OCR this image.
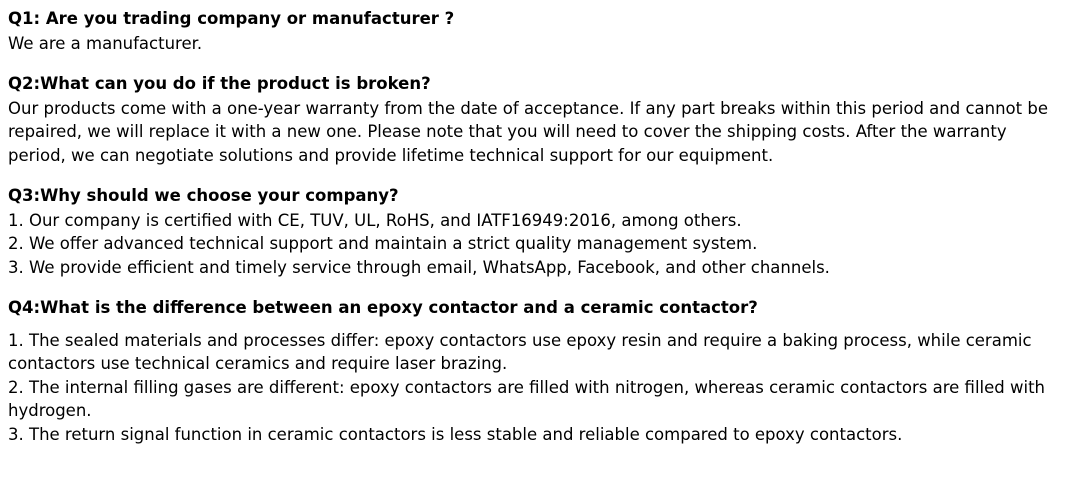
Q1: Are you trading company or manufacturer ?

We are a manufacturer.

Q2:What can you do if the product is broken?

Our products come with a one-year warranty from the date of acceptance. If any part breaks within this period and cannot be repaired, we will replace it with a new one. Please note that you will need to cover the shipping costs. After the warranty period, we can negotiate solutions and provide lifetime technical support for our equipment.

Q3:Why should we choose your company?

1. Our company is certified with CE, TUV, UL, RoHS, and IATF16949:2016, among others.

2. We offer advanced technical support and maintain a strict quality management system.

3. We provide efficient and timely service through email, WhatsApp, Facebook, and other channels.

Q4:What is the difference between an epoxy contactor and a ceramic contactor?

1. The sealed materials and processes differ: epoxy contactors use epoxy resin and require a baking process, while ceramic contactors use technical ceramics and require laser brazing.

2. The internal filling gases are different: epoxy contactors are filled with nitrogen, whereas ceramic contactors are filled with hydrogen.

3. The return signal function in ceramic contactors is less stable and reliable compared to epoxy contactors.
